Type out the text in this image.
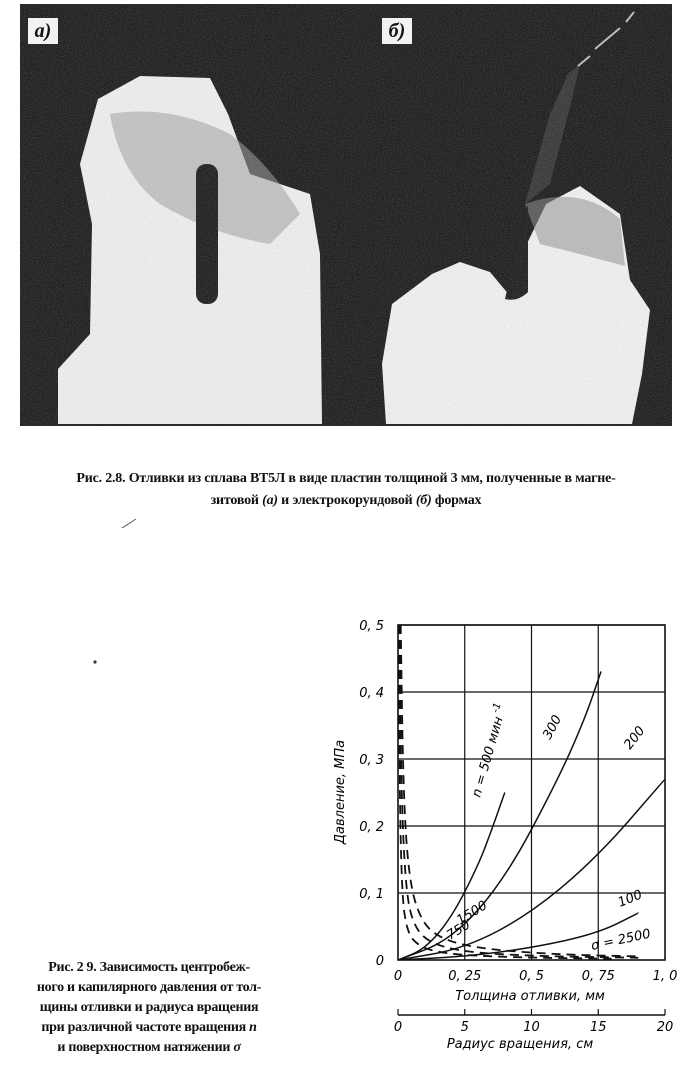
а)	б)
Рис. 2.8. Отливки из сплава ВТ5Л в виде пластин толщиной 3 мм, полученные в магне-
зитовой (а) и электрокорундовой (б) формах
Рис. 2 9. Зависимость центробеж-
ного и капилярного давления от тол-
щины отливки и радиуса вращения
при различной частоте вращения n
и поверхностном натяжении σ
Давление, МПа
Толщина отливки, мм
Радиус вращения, см
0
0, 1
0, 2
0, 3
0, 4
0, 5
0	0, 25	0, 5	0, 75	1, 0
0	5	10	15	20
n = 500 мин $^{-1}$
300	200
100
σ = 2500
1500
750
